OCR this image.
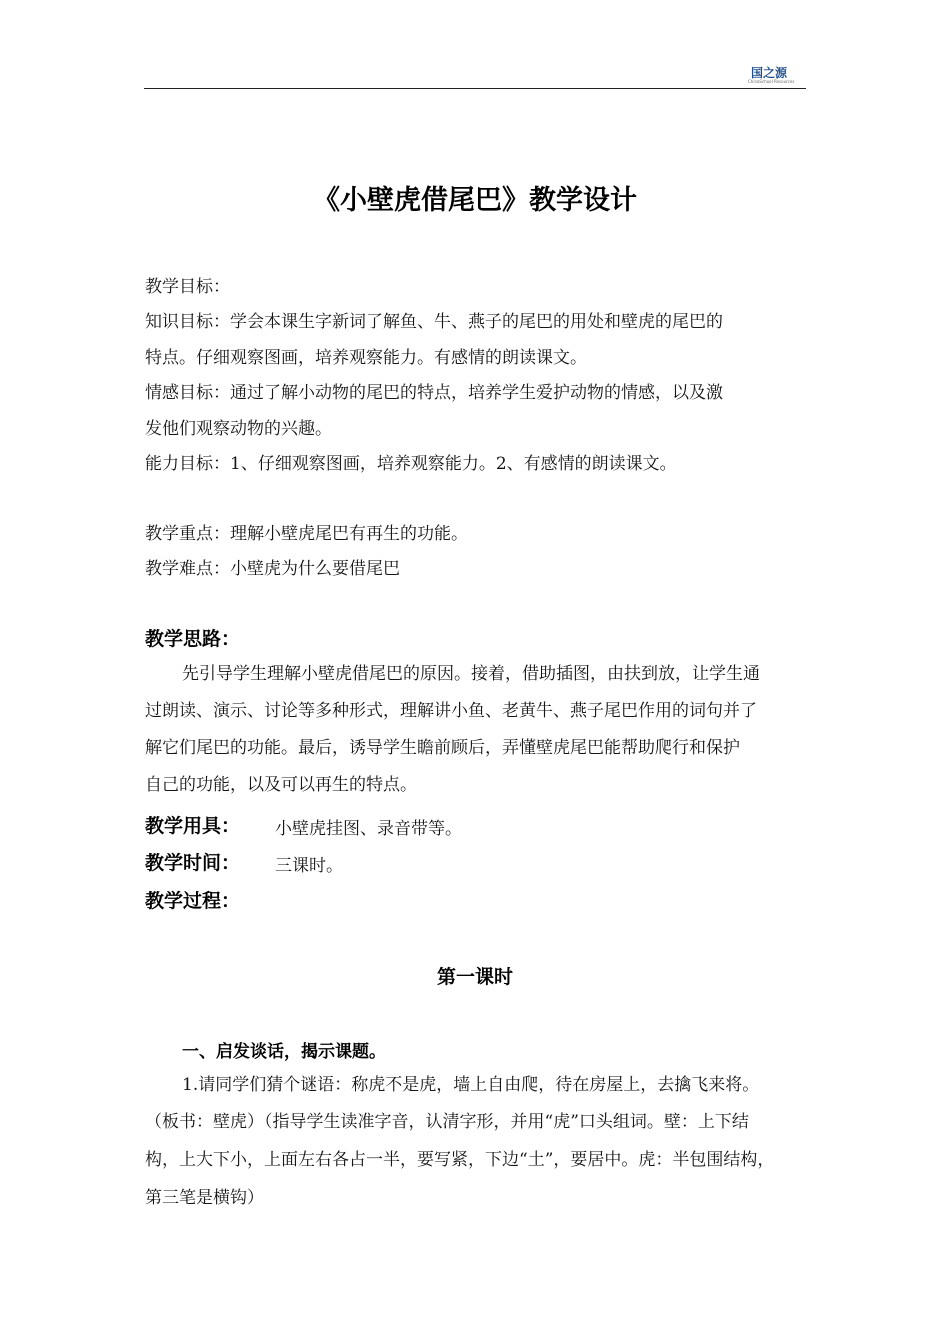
国之源
ChinaSchool Resources
《小壁虎借尾巴》教学设计
教学目标：
知识目标：学会本课生字新词了解鱼、牛、燕子的尾巴的用处和壁虎的尾巴的
特点。仔细观察图画，培养观察能力。有感情的朗读课文。
情感目标：通过了解小动物的尾巴的特点，培养学生爱护动物的情感，以及激
发他们观察动物的兴趣。
能力目标：1、仔细观察图画，培养观察能力。2、有感情的朗读课文。
教学重点：理解小壁虎尾巴有再生的功能。
教学难点：小壁虎为什么要借尾巴
教学思路：
先引导学生理解小壁虎借尾巴的原因。接着，借助插图，由扶到放，让学生通
过朗读、演示、讨论等多种形式，理解讲小鱼、老黄牛、燕子尾巴作用的词句并了
解它们尾巴的功能。最后，诱导学生瞻前顾后，弄懂壁虎尾巴能帮助爬行和保护
自己的功能，以及可以再生的特点。
教学用具： 小壁虎挂图、录音带等。
教学时间： 三课时。
教学过程：
第一课时
一、启发谈话，揭示课题。
1.请同学们猜个谜语：称虎不是虎，墙上自由爬，待在房屋上，去擒飞来将。
（板书：壁虎）（指导学生读准字音，认清字形，并用“虎”口头组词。壁：上下结
构，上大下小，上面左右各占一半，要写紧，下边“土”，要居中。虎：半包围结构，
第三笔是横钩）
